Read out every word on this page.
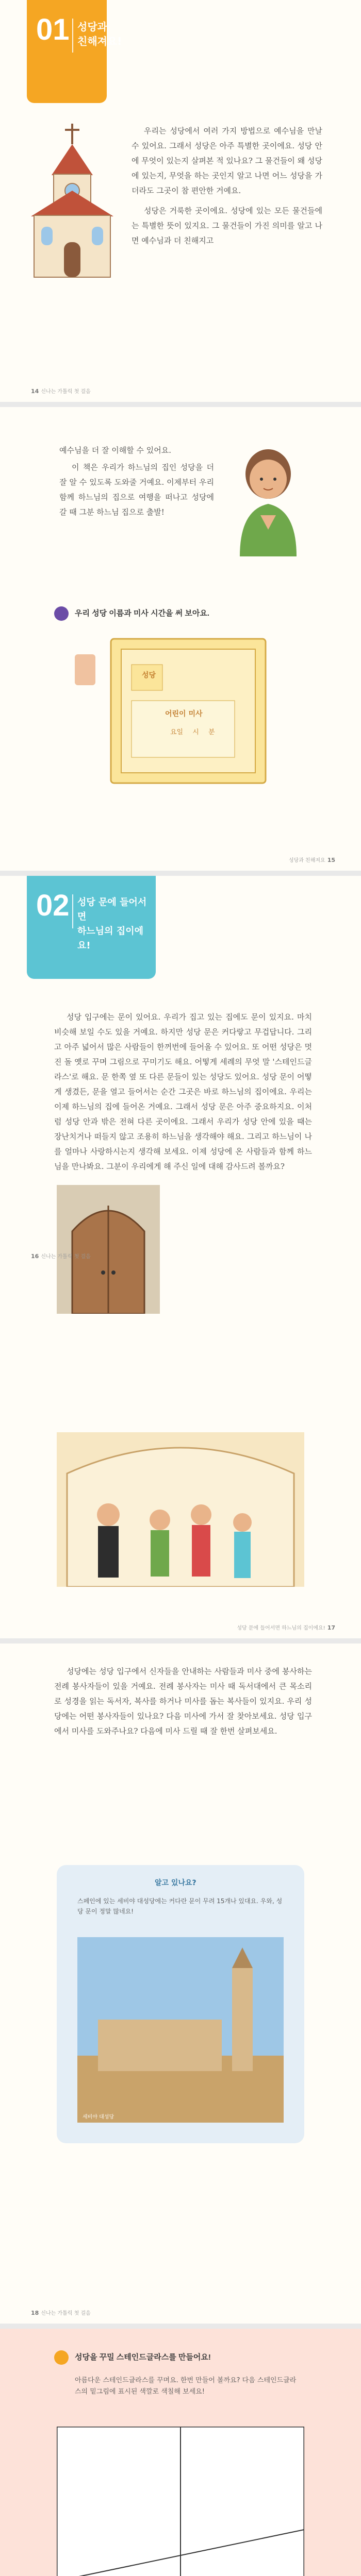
01 성당과
친해져요!

우리는 성당에서 여러 가지 방법으로 예수님을 만날 수 있어요. 그래서 성당은 아주 특별한 곳이에요. 성당 안에 무엇이 있는지 살펴본 적 있나요? 그 물건들이 왜 성당에 있는지, 무엇을 하는 곳인지 알고 나면 어느 성당을 가더라도 그곳이 참 편안한 거예요.

성당은 거룩한 곳이에요. 성당에 있는 모든 물건들에는 특별한 뜻이 있지요. 그 물건들이 가진 의미를 알고 나면 예수님과 더 친해지고

14 신나는 가톨릭 첫 걸음

예수님을 더 잘 이해할 수 있어요.

이 책은 우리가 하느님의 집인 성당을 더 잘 알 수 있도록 도와줄 거예요. 이제부터 우리 함께 하느님의 집으로 여행을 떠나고 성당에 갈 때 그분 하느님 집으로 출발!

우리 성당 이름과 미사 시간을 써 보아요.
성당
어린이 미사
요일 시 분
성당과 친해져요 15
02 성당 문에 들어서면
하느님의 집이에요!

성당 입구에는 문이 있어요. 우리가 집고 있는 집에도 문이 있지요. 마치 비슷해 보일 수도 있을 거예요. 하지만 성당 문은 커다랗고 무겁답니다. 그리고 아주 넓어서 많은 사람들이 한꺼번에 들어올 수 있어요. 또 어떤 성당은 멋진 돌 옛로 꾸며 그림으로 꾸미기도 해요. 어떻게 세례의 무엇 말 '스테인드글라스'로 해요. 문 한쪽 옆 또 다른 문들이 있는 성당도 있어요. 성당 문이 어떻게 생겼든, 문을 열고 들어서는 순간 그곳은 바로 하느님의 집이에요. 우리는 이제 하느님의 집에 들어온 거예요. 그래서 성당 문은 아주 중요하지요. 이처럼 성당 안과 밖은 전혀 다른 곳이에요. 그래서 우리가 성당 안에 있을 때는 장난치거나 떠들지 않고 조용히 하느님을 생각해야 해요. 그리고 하느님이 나를 얼마나 사랑하시는지 생각해 보세요. 이제 성당에 온 사람들과 함께 하느님을 만나봐요. 그분이 우리에게 해 주신 일에 대해 감사드려 볼까요?

16 신나는 가톨릭 첫 걸음
성당 문에 들어서면 하느님의 집이에요! 17

성당에는 성당 입구에서 신자들을 안내하는 사람들과 미사 중에 봉사하는 전례 봉사자들이 있을 거예요. 전례 봉사자는 미사 때 독서대에서 큰 목소리로 성경을 읽는 독서자, 복사를 하거나 미사를 돕는 복사들이 있지요. 우리 성당에는 어떤 봉사자들이 있나요? 다음 미사에 가서 잘 찾아보세요. 성당 입구에서 미사를 도와주나요? 다음에 미사 드릴 때 잘 한번 살펴보세요.

알고 있나요?
스페인에 있는 세비야 대성당에는 커다란 문이 무려 15개나 있대요. 우와, 성당 문이 정말 많네요!
세비야 대성당
18 신나는 가톨릭 첫 걸음
성당을 꾸밀 스테인드글라스를 만들어요!
아름다운 스테인드글라스를 꾸며요. 한번 만들어 볼까요? 다음 스테인드글라스의 밑그림에 표시된 색깔로 색칠해 보세요!
